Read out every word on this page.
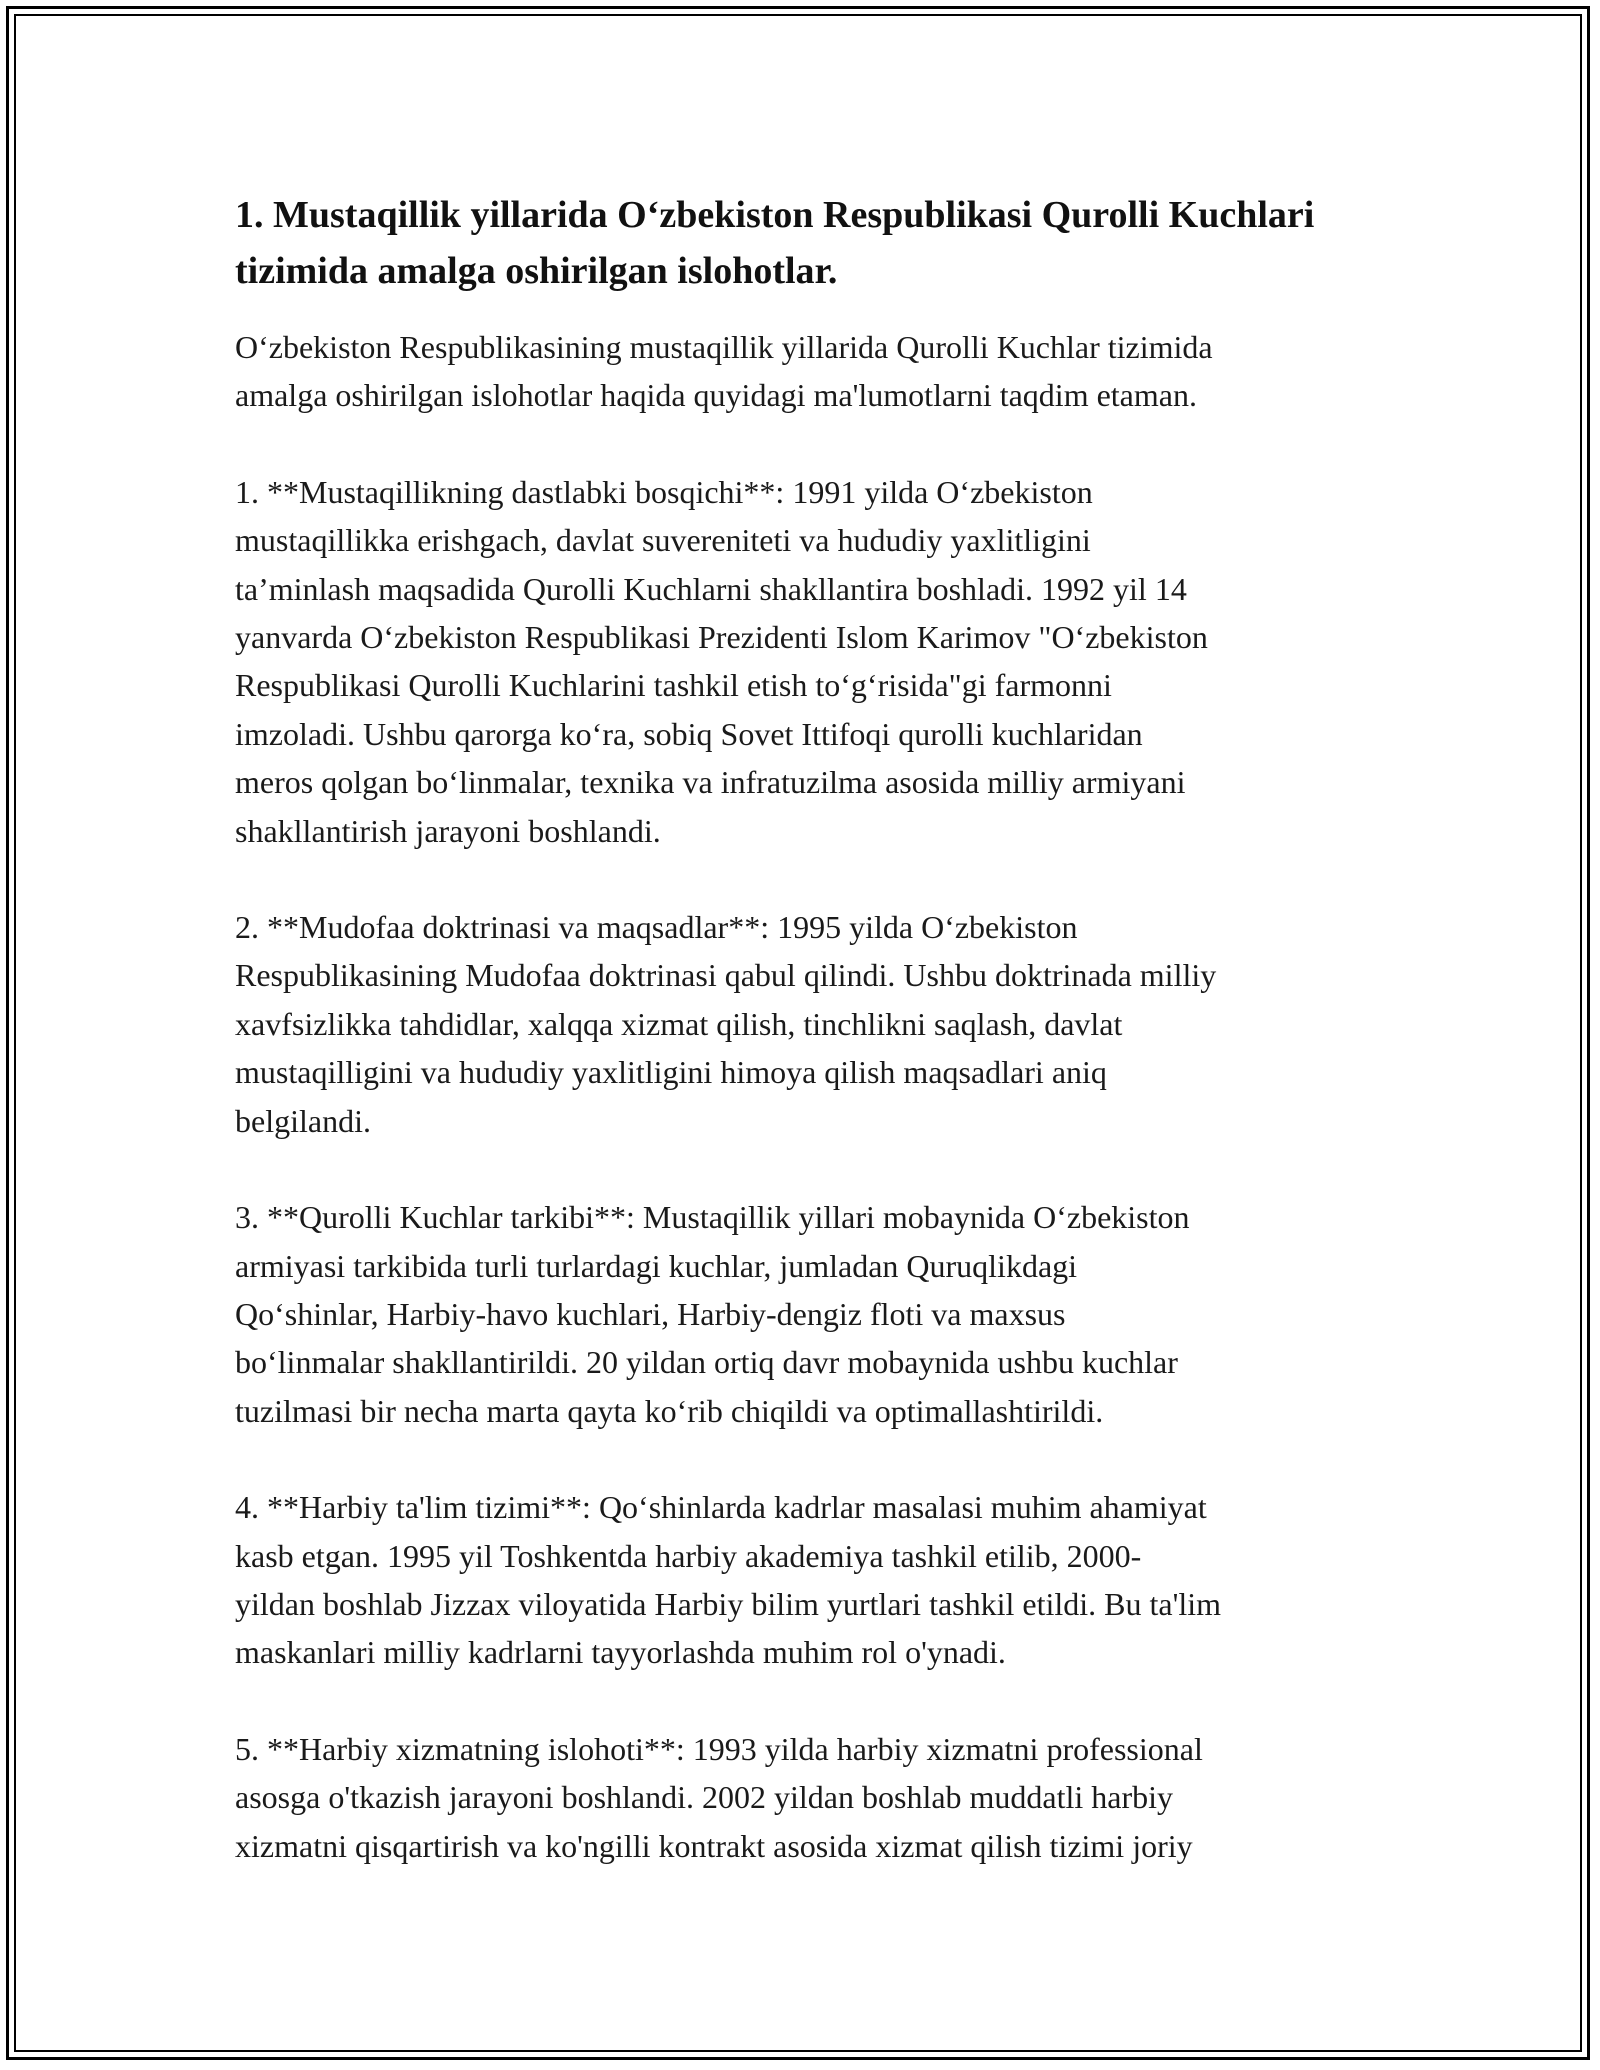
1. Mustaqillik yillarida O‘zbekiston Respublikasi Qurolli Kuchlari tizimida amalga oshirilgan islohotlar.

O‘zbekiston Respublikasining mustaqillik yillarida Qurolli Kuchlar tizimida
amalga oshirilgan islohotlar haqida quyidagi ma'lumotlarni taqdim etaman.

1. **Mustaqillikning dastlabki bosqichi**: 1991 yilda O‘zbekiston
mustaqillikka erishgach, davlat suvereniteti va hududiy yaxlitligini
ta’minlash maqsadida Qurolli Kuchlarni shakllantira boshladi. 1992 yil 14
yanvarda O‘zbekiston Respublikasi Prezidenti Islom Karimov "O‘zbekiston
Respublikasi Qurolli Kuchlarini tashkil etish to‘g‘risida"gi farmonni
imzoladi. Ushbu qarorga ko‘ra, sobiq Sovet Ittifoqi qurolli kuchlaridan
meros qolgan bo‘linmalar, texnika va infratuzilma asosida milliy armiyani
shakllantirish jarayoni boshlandi.

2. **Mudofaa doktrinasi va maqsadlar**: 1995 yilda O‘zbekiston
Respublikasining Mudofaa doktrinasi qabul qilindi. Ushbu doktrinada milliy
xavfsizlikka tahdidlar, xalqqa xizmat qilish, tinchlikni saqlash, davlat
mustaqilligini va hududiy yaxlitligini himoya qilish maqsadlari aniq
belgilandi.

3. **Qurolli Kuchlar tarkibi**: Mustaqillik yillari mobaynida O‘zbekiston
armiyasi tarkibida turli turlardagi kuchlar, jumladan Quruqlikdagi
Qo‘shinlar, Harbiy-havo kuchlari, Harbiy-dengiz floti va maxsus
bo‘linmalar shakllantirildi. 20 yildan ortiq davr mobaynida ushbu kuchlar
tuzilmasi bir necha marta qayta ko‘rib chiqildi va optimallashtirildi.

4. **Harbiy ta'lim tizimi**: Qo‘shinlarda kadrlar masalasi muhim ahamiyat
kasb etgan. 1995 yil Toshkentda harbiy akademiya tashkil etilib, 2000-
yildan boshlab Jizzax viloyatida Harbiy bilim yurtlari tashkil etildi. Bu ta'lim
maskanlari milliy kadrlarni tayyorlashda muhim rol o'ynadi.

5. **Harbiy xizmatning islohoti**: 1993 yilda harbiy xizmatni professional
asosga o'tkazish jarayoni boshlandi. 2002 yildan boshlab muddatli harbiy
xizmatni qisqartirish va ko'ngilli kontrakt asosida xizmat qilish tizimi joriy
